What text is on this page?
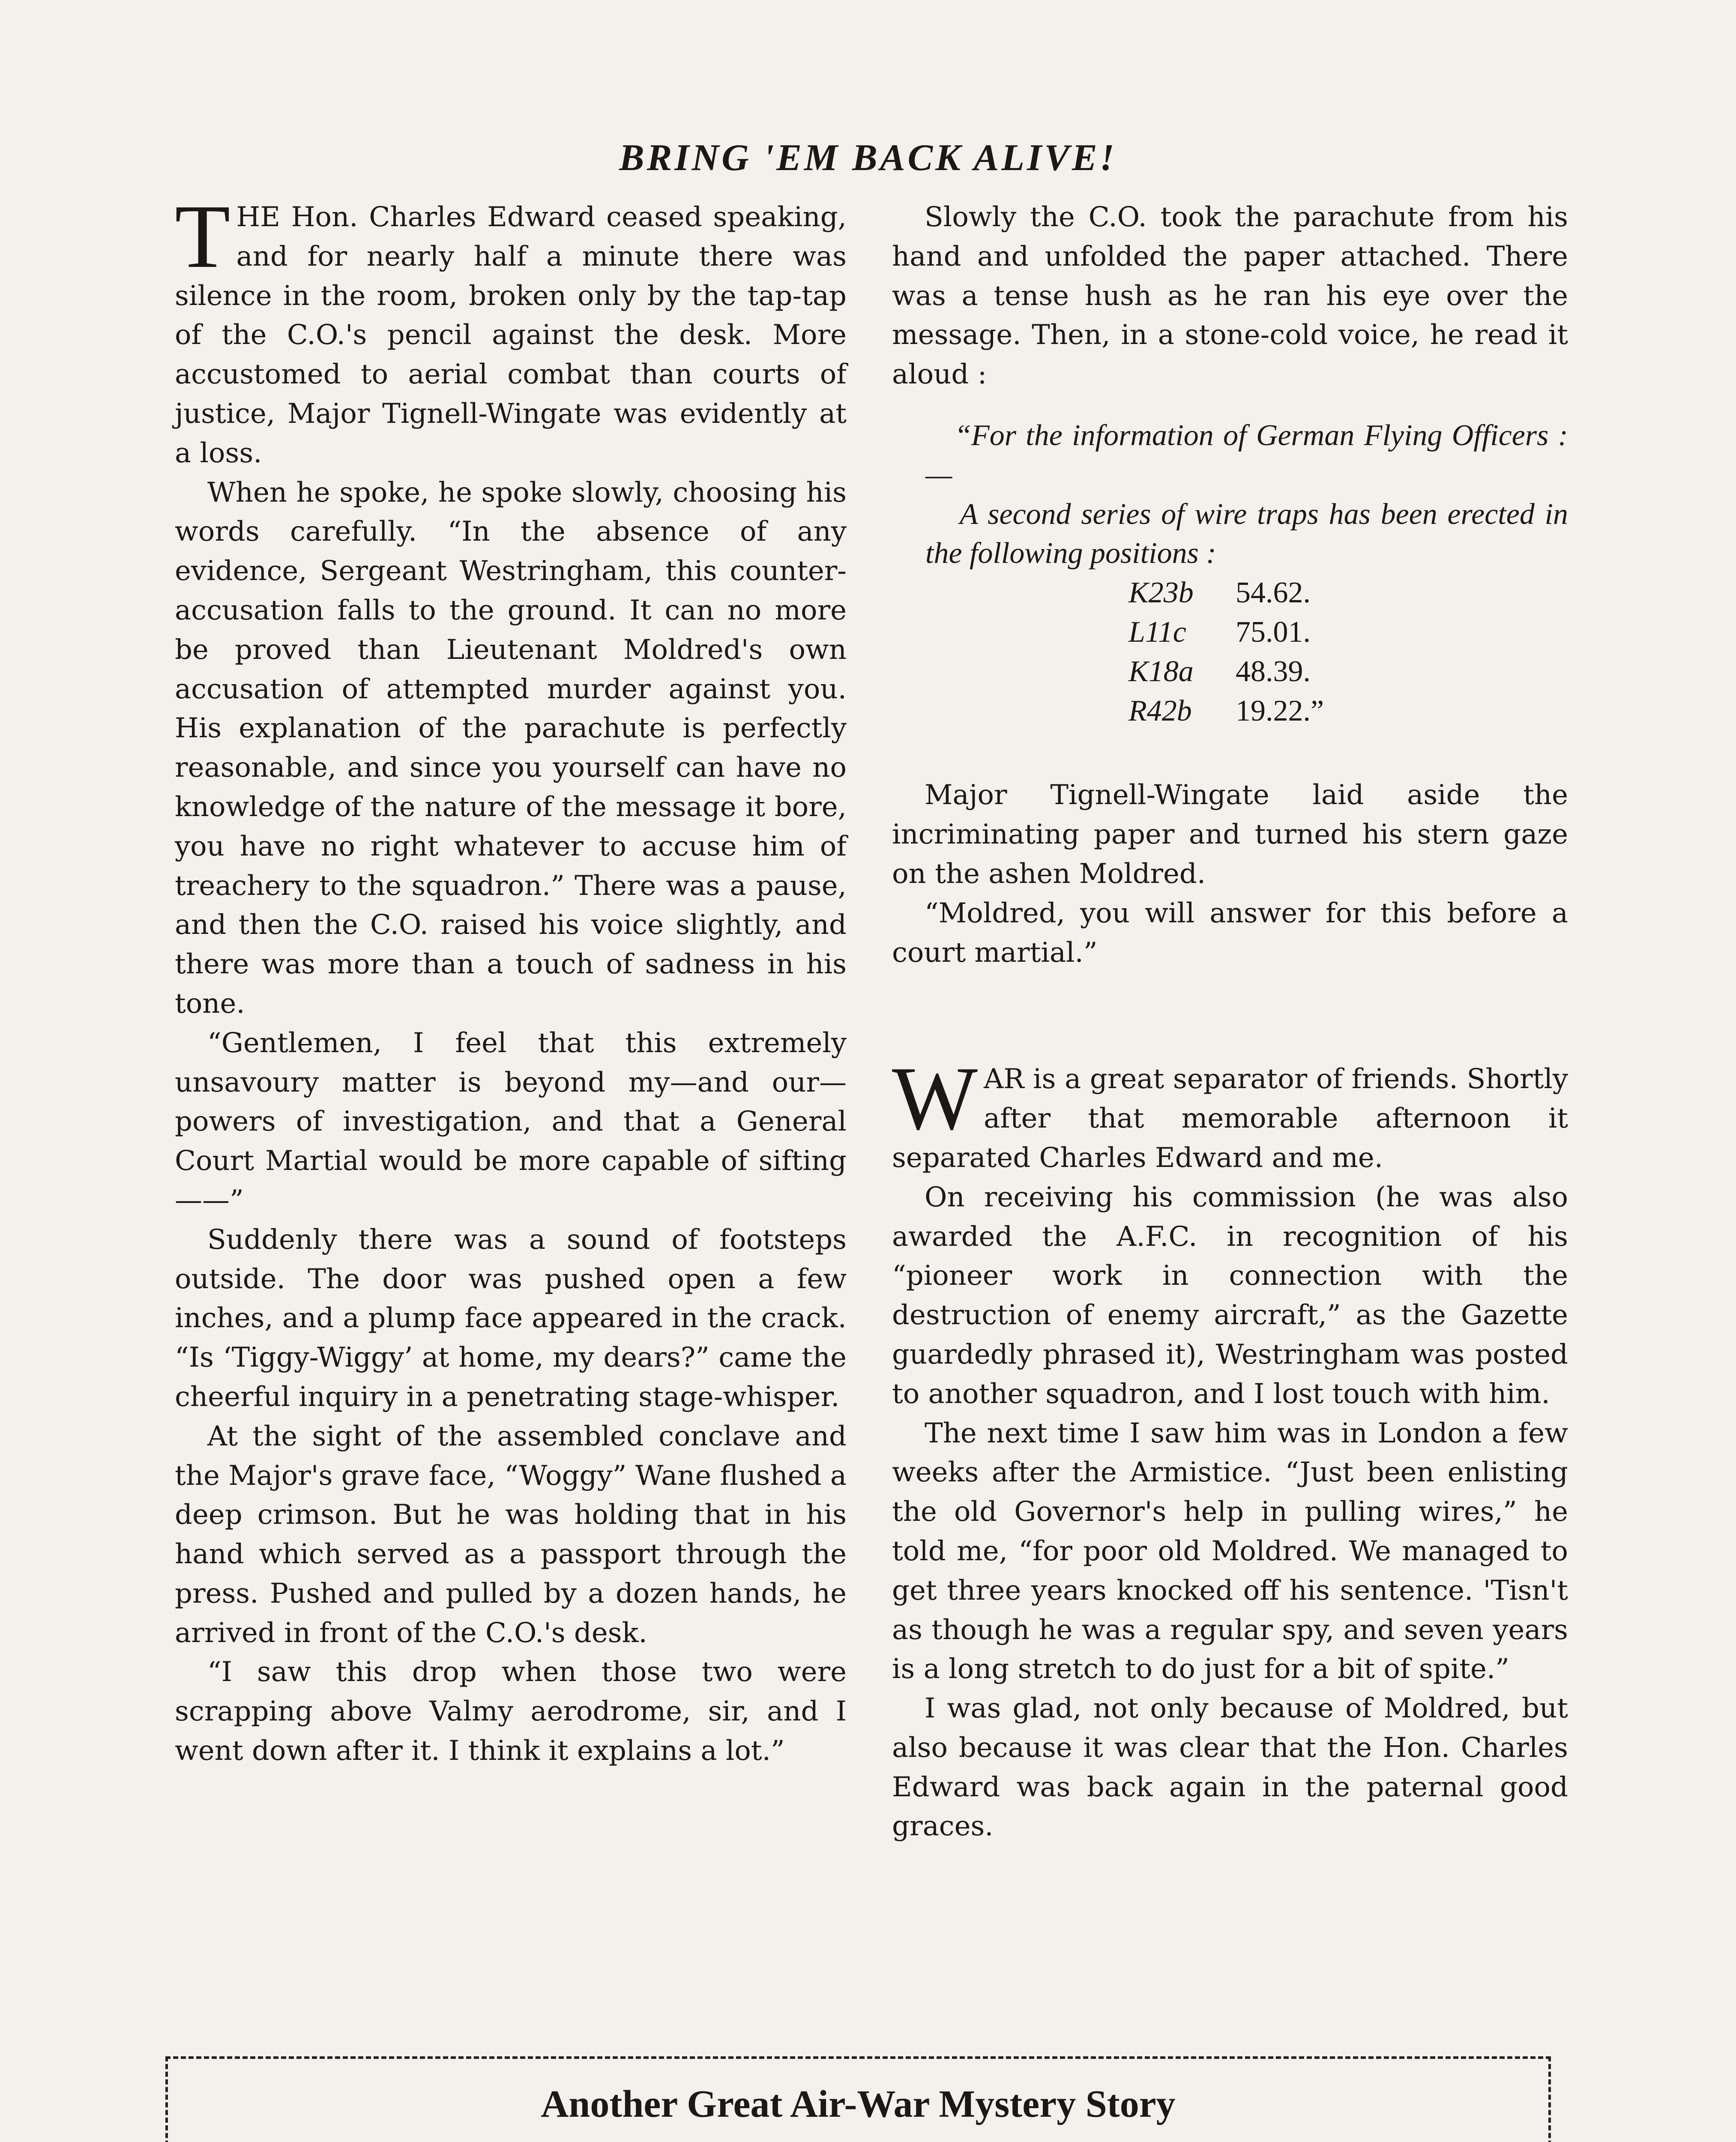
BRING 'EM BACK ALIVE!

THE Hon. Charles Edward ceased speaking, and for nearly half a minute there was silence in the room, broken only by the tap-tap of the C.O.'s pencil against the desk. More accustomed to aerial combat than courts of justice, Major Tignell-Wingate was evidently at a loss.

When he spoke, he spoke slowly, choosing his words carefully. “In the absence of any evidence, Sergeant Westringham, this counter-accusation falls to the ground. It can no more be proved than Lieutenant Moldred's own accusation of attempted murder against you. His explanation of the parachute is perfectly reasonable, and since you yourself can have no knowledge of the nature of the message it bore, you have no right whatever to accuse him of treachery to the squadron.” There was a pause, and then the C.O. raised his voice slightly, and there was more than a touch of sadness in his tone.

“Gentlemen, I feel that this extremely unsavoury matter is beyond my—and our—powers of investigation, and that a General Court Martial would be more capable of sifting——”

Suddenly there was a sound of footsteps outside. The door was pushed open a few inches, and a plump face appeared in the crack. “Is ‘Tiggy-Wiggy’ at home, my dears?” came the cheerful inquiry in a penetrating stage-whisper.

At the sight of the assembled conclave and the Major's grave face, “Woggy” Wane flushed a deep crimson. But he was holding that in his hand which served as a passport through the press. Pushed and pulled by a dozen hands, he arrived in front of the C.O.'s desk.

“I saw this drop when those two were scrapping above Valmy aerodrome, sir, and I went down after it. I think it explains a lot.”

Slowly the C.O. took the parachute from his hand and unfolded the paper attached. There was a tense hush as he ran his eye over the message. Then, in a stone-cold voice, he read it aloud :

“For the information of German Flying Officers :—
A second series of wire traps has been erected in the following positions :
K23b	54.62.
L11c	75.01.
K18a	48.39.
R42b	19.22.”

Major Tignell-Wingate laid aside the incriminating paper and turned his stern gaze on the ashen Moldred.

“Moldred, you will answer for this before a court martial.”

WAR is a great separator of friends. Shortly after that memorable afternoon it separated Charles Edward and me.

On receiving his commission (he was also awarded the A.F.C. in recognition of his “pioneer work in connection with the destruction of enemy aircraft,” as the Gazette guardedly phrased it), Westringham was posted to another squadron, and I lost touch with him.

The next time I saw him was in London a few weeks after the Armistice. “Just been enlisting the old Governor's help in pulling wires,” he told me, “for poor old Moldred. We managed to get three years knocked off his sentence. 'Tisn't as though he was a regular spy, and seven years is a long stretch to do just for a bit of spite.”

I was glad, not only because of Moldred, but also because it was clear that the Hon. Charles Edward was back again in the paternal good graces.

Another Great Air-War Mystery Story
